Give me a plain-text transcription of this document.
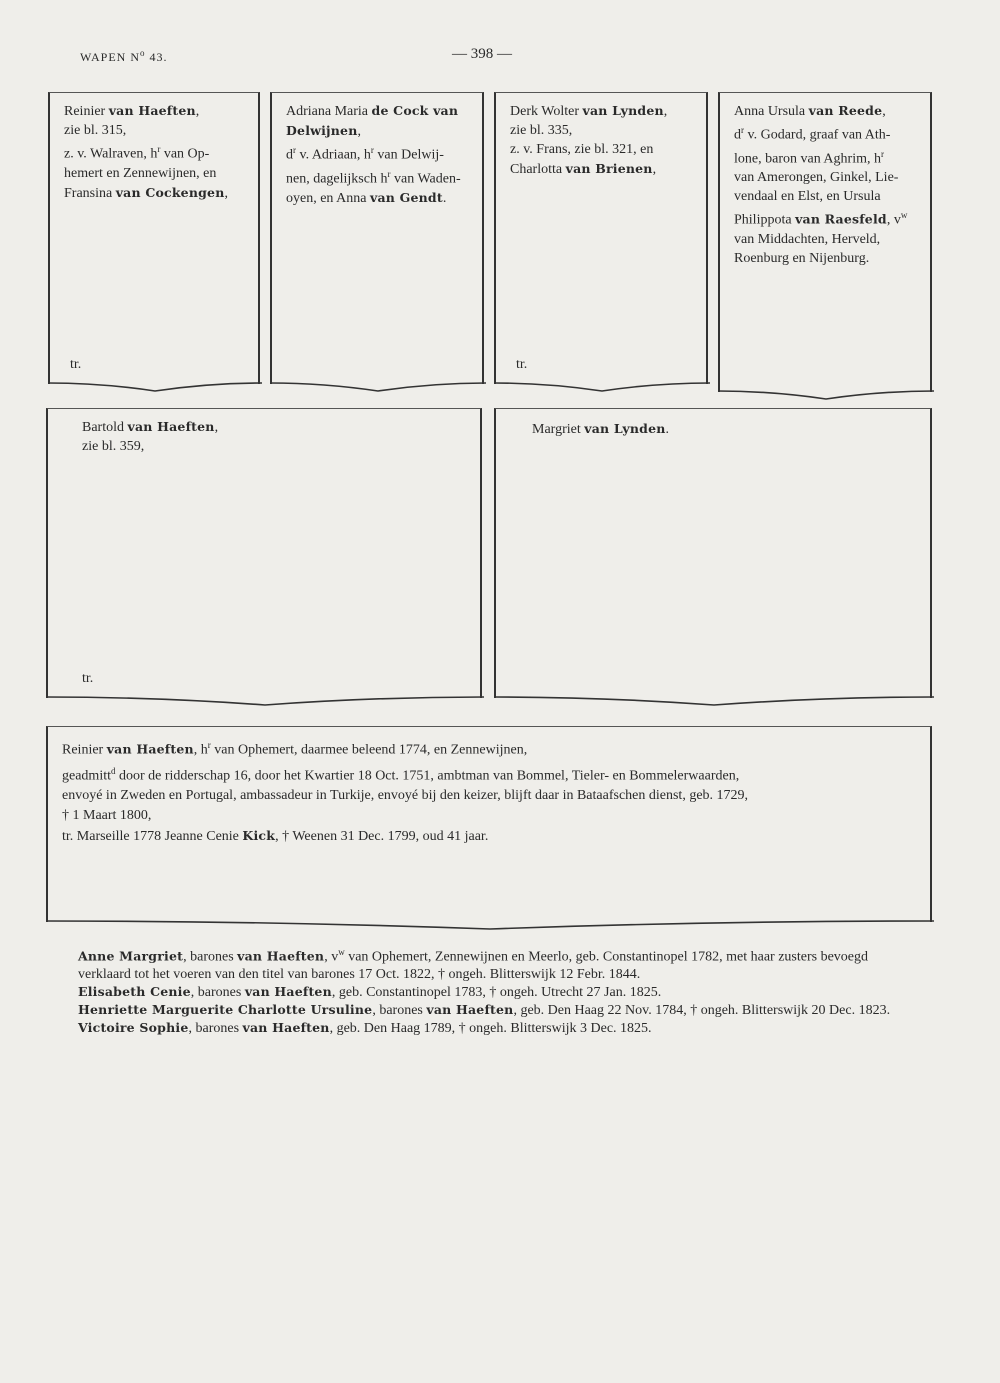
WAPEN $N^o$ 43.	— 398 —
Reinier van Haeften,
zie bl. 315,
z. v. Walraven, $h^r$ van Op-
hemert en Zennewijnen, en
Fransina van Cockengen,
tr.
Adriana Maria de Cock van
Delwijnen,
$d^r$ v. Adriaan, $h^r$ van Delwij-
nen, dagelijksch $h^r$ van Waden-
oyen, en Anna van Gendt.
Derk Wolter van Lynden,
zie bl. 335,
z. v. Frans, zie bl. 321, en
Charlotta van Brienen,
tr.
Anna Ursula van Reede,
$d^r$ v. Godard, graaf van Ath-
lone, baron van Aghrim, $h^r$
van Amerongen, Ginkel, Lie-
vendaal en Elst, en Ursula
Philippota van Raesfeld, $v^w$
van Middachten, Herveld,
Roenburg en Nijenburg.
Bartold van Haeften,
zie bl. 359,
tr.
Margriet van Lynden.
Reinier van Haeften, $h^r$ van Ophemert, daarmee beleend 1774, en Zennewijnen,
geadmitt$^d$ door de ridderschap 16, door het Kwartier 18 Oct. 1751, ambtman van Bommel, Tieler- en Bommelerwaarden,
envoyé in Zweden en Portugal, ambassadeur in Turkije, envoyé bij den keizer, blijft daar in Bataafschen dienst, geb. 1729,
† 1 Maart 1800,
tr. Marseille 1778 Jeanne Cenie Kick, † Weenen 31 Dec. 1799, oud 41 jaar.

Anne Margriet, barones van Haeften, $v^w$ van Ophemert, Zennewijnen en Meerlo, geb. Constantinopel 1782, met haar zusters bevoegd verklaard tot het voeren van den titel van barones 17 Oct. 1822, † ongeh. Blitterswijk 12 Febr. 1844.

Elisabeth Cenie, barones van Haeften, geb. Constantinopel 1783, † ongeh. Utrecht 27 Jan. 1825.

Henriette Marguerite Charlotte Ursuline, barones van Haeften, geb. Den Haag 22 Nov. 1784, † ongeh. Blitterswijk 20 Dec. 1823.

Victoire Sophie, barones van Haeften, geb. Den Haag 1789, † ongeh. Blitterswijk 3 Dec. 1825.
